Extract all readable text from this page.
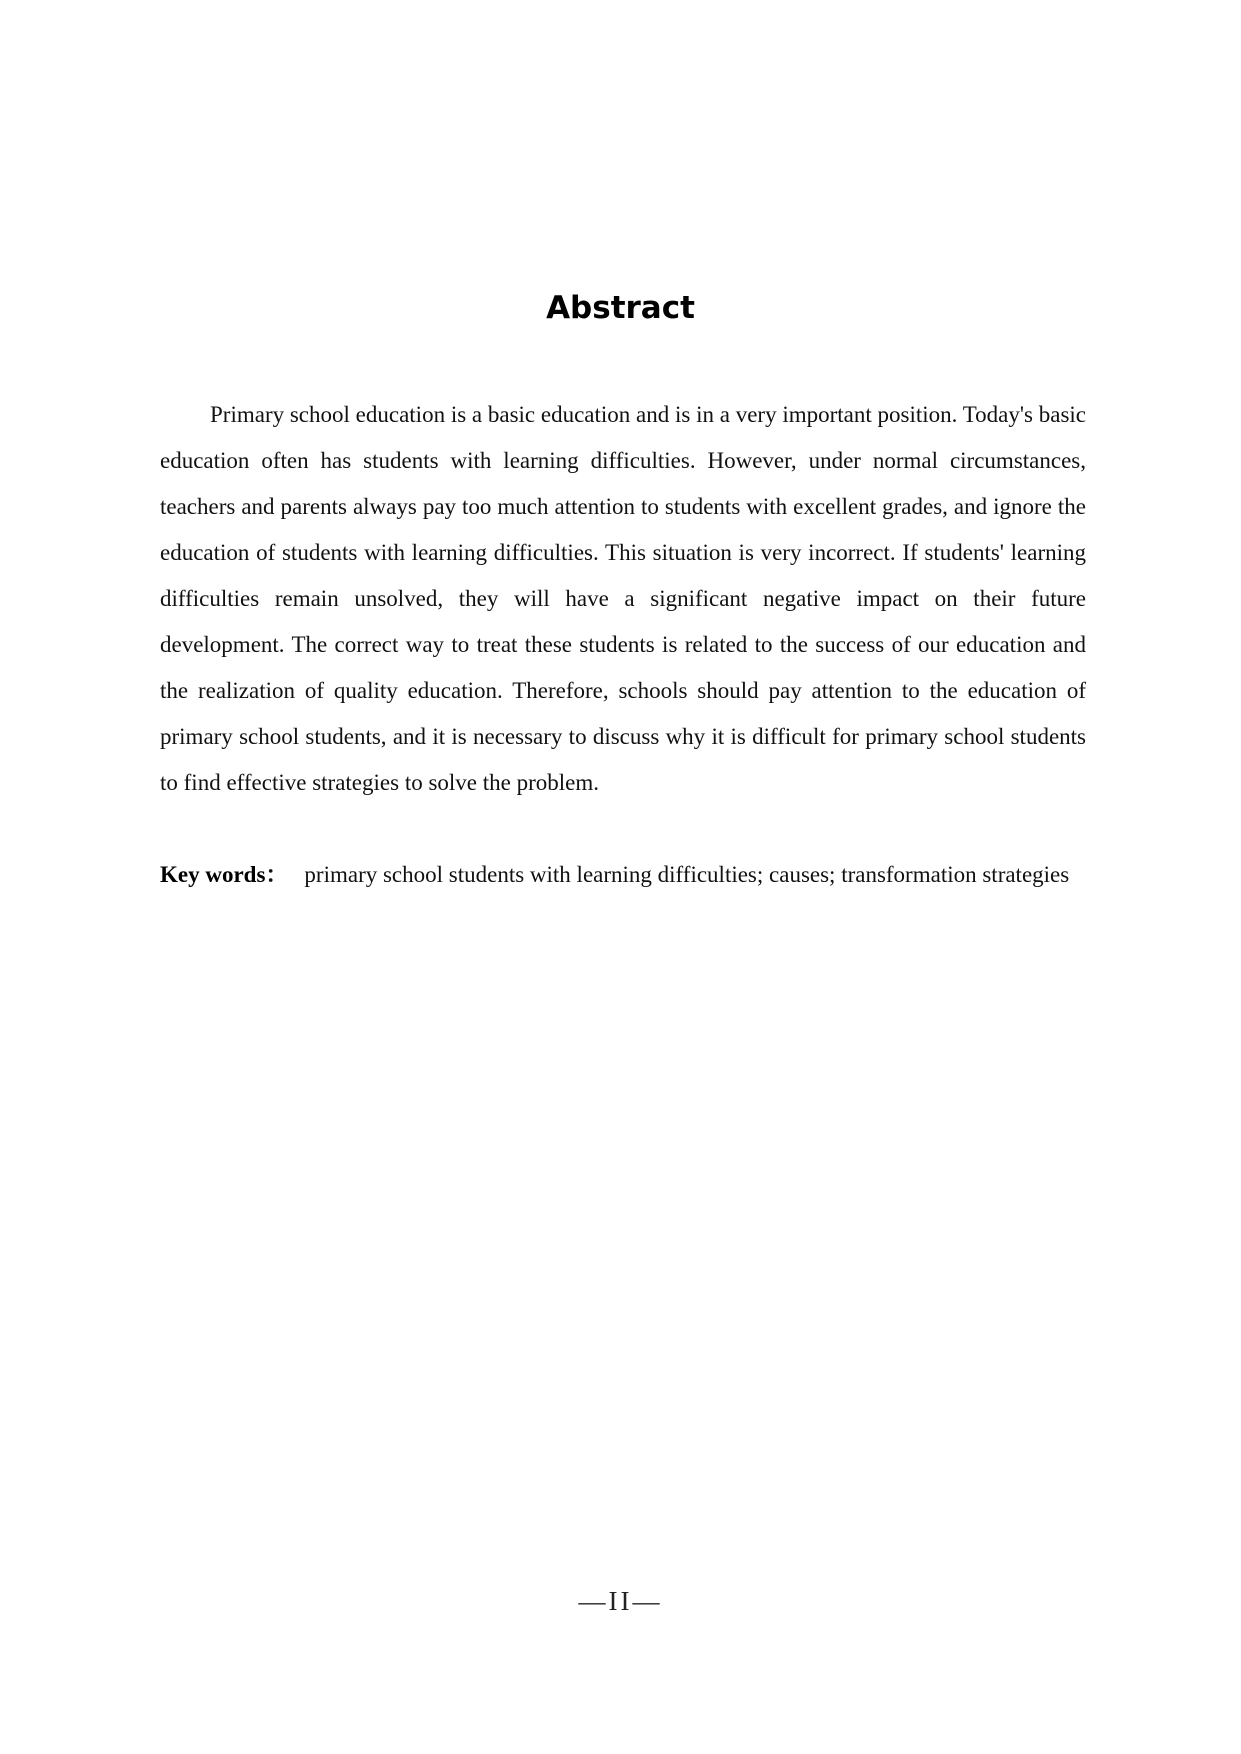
Abstract

Primary school education is a basic education and is in a very important position. Today's basic education often has students with learning difficulties. However, under normal circumstances, teachers and parents always pay too much attention to students with excellent grades, and ignore the education of students with learning difficulties. This situation is very incorrect. If students' learning difficulties remain unsolved, they will have a significant negative impact on their future development. The correct way to treat these students is related to the success of our education and the realization of quality education. Therefore, schools should pay attention to the education of primary school students, and it is necessary to discuss why it is difficult for primary school students to find effective strategies to solve the problem.

Key words： primary school students with learning difficulties; causes; transformation strategies

—II—
